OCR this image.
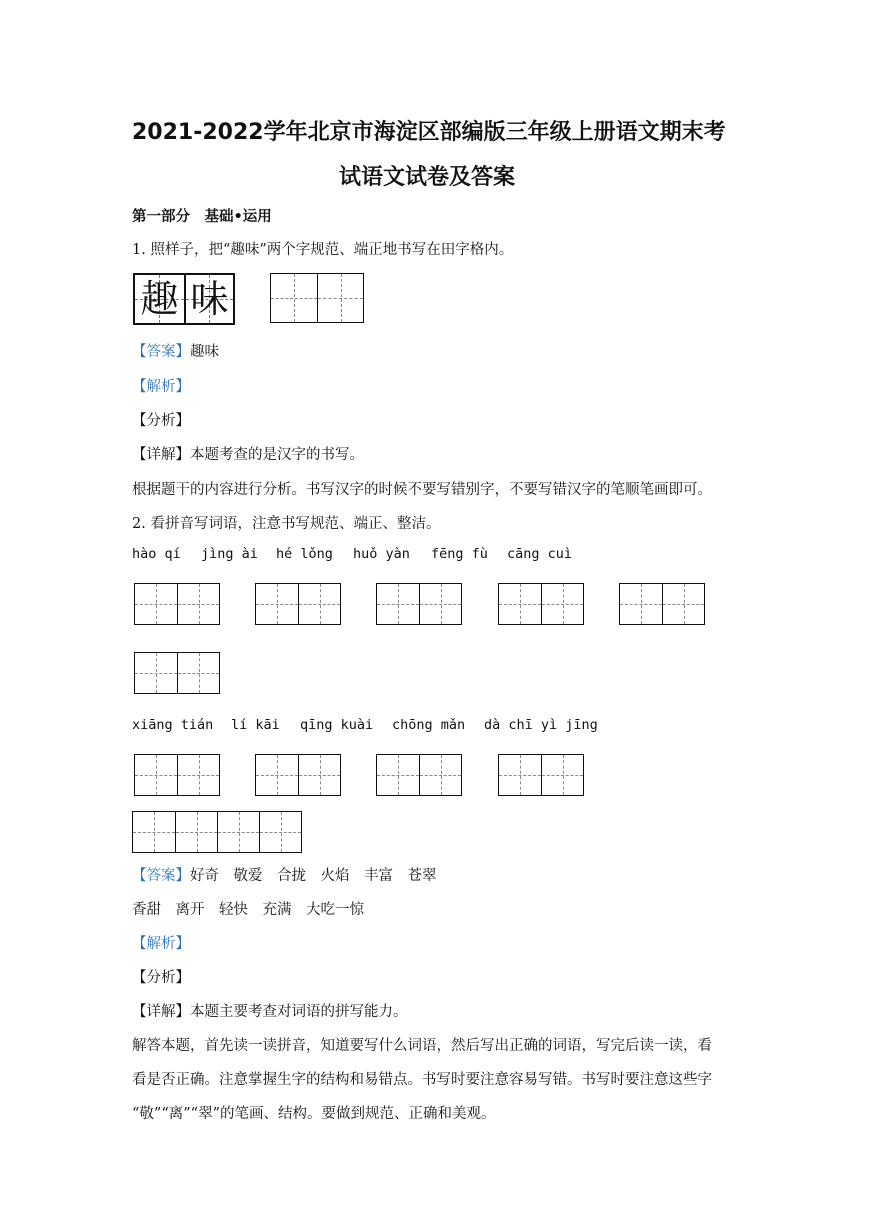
2021-2022学年北京市海淀区部编版三年级上册语文期末考
试语文试卷及答案
第一部分　基础•运用
1. 照样子，把“趣味”两个字规范、端正地书写在田字格内。
趣 味
【答案】趣味
【解析】
【分析】
【详解】本题考查的是汉字的书写。
根据题干的内容进行分析。书写汉字的时候不要写错别字，不要写错汉字的笔顺笔画即可。
2. 看拼音写词语，注意书写规范、端正、整洁。
hào qí jìng ài hé lǒng huǒ yàn fēng fù cāng cuì
xiāng tián lí kāi qīng kuài chōng mǎn dà chī yì jīng
【答案】好奇　敬爱　合拢　火焰　丰富　苍翠
香甜　离开　轻快　充满　大吃一惊
【解析】
【分析】
【详解】本题主要考查对词语的拼写能力。
解答本题，首先读一读拼音，知道要写什么词语，然后写出正确的词语，写完后读一读，看
看是否正确。注意掌握生字的结构和易错点。书写时要注意容易写错。书写时要注意这些字
“敬”“离”“翠”的笔画、结构。要做到规范、正确和美观。
